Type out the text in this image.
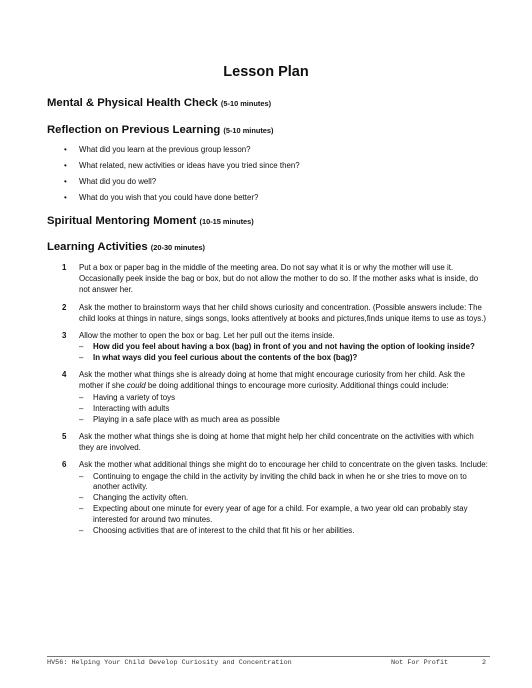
Lesson Plan
Mental & Physical Health Check (5-10 minutes)
Reflection on Previous Learning (5-10 minutes)
• What did you learn at the previous group lesson?
• What related, new activities or ideas have you tried since then?
• What did you do well?
• What do you wish that you could have done better?
Spiritual Mentoring Moment (10-15 minutes)
Learning Activities (20-30 minutes)
1 Put a box or paper bag in the middle of the meeting area. Do not say what it is or why the mother will use it. Occasionally peek inside the bag or box, but do not allow the mother to do so. If the mother asks what is inside, do not answer her.

2 Ask the mother to brainstorm ways that her child shows curiosity and concentration. (Possible answers include: The child looks at things in nature, sings songs, looks attentively at books and pictures,finds unique items to use as toys.)

3 Allow the mother to open the box or bag. Let her pull out the items inside.

– How did you feel about having a box (bag) in front of you and not having the option of looking inside?
– In what ways did you feel curious about the contents of the box (bag)?
4 Ask the mother what things she is already doing at home that might encourage curiosity from her child. Ask the mother if she could be doing additional things to encourage more curiosity. Additional things could include:

– Having a variety of toys
– Interacting with adults
– Playing in a safe place with as much area as possible
5 Ask the mother what things she is doing at home that might help her child concentrate on the activities with which they are involved.

6 Ask the mother what additional things she might do to encourage her child to concentrate on the given tasks. Include:

– Continuing to engage the child in the activity by inviting the child back in when he or she tries to move on to another activity.
– Changing the activity often.
– Expecting about one minute for every year of age for a child. For example, a two year old can probably stay interested for around two minutes.
– Choosing activities that are of interest to the child that fit his or her abilities.
HV56: Helping Your Child Develop Curiosity and Concentration	Not For Profit	2
